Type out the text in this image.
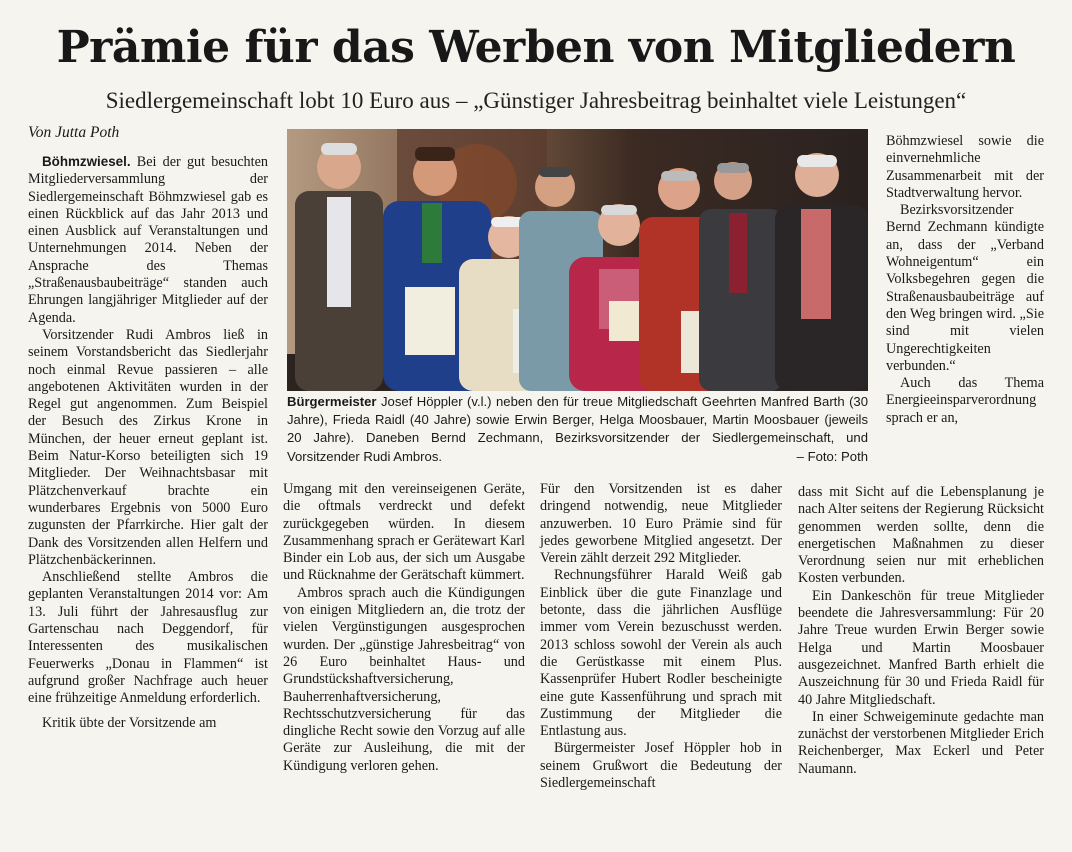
Prämie für das Werben von Mitgliedern
Siedlergemeinschaft lobt 10 Euro aus – „Günstiger Jahresbeitrag beinhaltet viele Leistungen“
Von Jutta Poth

Böhmzwiesel. Bei der gut besuchten Mitgliederversammlung der Siedlergemeinschaft Böhmzwiesel gab es einen Rückblick auf das Jahr 2013 und einen Ausblick auf Veranstaltungen und Unternehmungen 2014. Neben der Ansprache des Themas „Straßenausbaubeiträge“ standen auch Ehrungen langjähriger Mitglieder auf der Agenda.

Vorsitzender Rudi Ambros ließ in seinem Vorstandsbericht das Siedlerjahr noch einmal Revue passieren – alle angebotenen Aktivitäten wurden in der Regel gut angenommen. Zum Beispiel der Besuch des Zirkus Krone in München, der heuer erneut geplant ist. Beim Natur-Korso beteiligten sich 19 Mitglieder. Der Weihnachtsbasar mit Plätzchenverkauf brachte ein wunderbares Ergebnis von 5000 Euro zugunsten der Pfarrkirche. Hier galt der Dank des Vorsitzenden allen Helfern und Plätzchenbäckerinnen.

Anschließend stellte Ambros die geplanten Veranstaltungen 2014 vor: Am 13. Juli führt der Jahresausflug zur Gartenschau nach Deggendorf, für Interessenten des musikalischen Feuerwerks „Donau in Flammen“ ist aufgrund großer Nachfrage auch heuer eine frühzeitige Anmeldung erforderlich.

Kritik übte der Vorsitzende am

Bürgermeister Josef Höppler (v.l.) neben den für treue Mitgliedschaft Geehrten Manfred Barth (30 Jahre), Frieda Raidl (40 Jahre) sowie Erwin Berger, Helga Moosbauer, Martin Moosbauer (jeweils 20 Jahre). Daneben Bernd Zechmann, Bezirksvorsitzender der Siedlergemeinschaft, und Vorsitzender Rudi Ambros.	– Foto: Poth

Umgang mit den vereinseigenen Geräte, die oftmals verdreckt und defekt zurückgegeben würden. In diesem Zusammenhang sprach er Gerätewart Karl Binder ein Lob aus, der sich um Ausgabe und Rücknahme der Gerätschaft kümmert.

Ambros sprach auch die Kündigungen von einigen Mitgliedern an, die trotz der vielen Vergünstigungen ausgesprochen wurden. Der „günstige Jahresbeitrag“ von 26 Euro beinhaltet Haus- und Grundstückshaftversicherung, Bauherrenhaftversicherung, Rechtsschutzversicherung für das dingliche Recht sowie den Vorzug auf alle Geräte zur Ausleihung, die mit der Kündigung verloren gehen.

Für den Vorsitzenden ist es daher dringend notwendig, neue Mitglieder anzuwerben. 10 Euro Prämie sind für jedes geworbene Mitglied angesetzt. Der Verein zählt derzeit 292 Mitglieder.

Rechnungsführer Harald Weiß gab Einblick über die gute Finanzlage und betonte, dass die jährlichen Ausflüge immer vom Verein bezuschusst werden. 2013 schloss sowohl der Verein als auch die Gerüstkasse mit einem Plus. Kassenprüfer Hubert Rodler bescheinigte eine gute Kassenführung und sprach mit Zustimmung der Mitglieder die Entlastung aus.

Bürgermeister Josef Höppler hob in seinem Grußwort die Bedeutung der Siedlergemeinschaft

Böhmzwiesel sowie die einvernehmliche Zusammenarbeit mit der Stadtverwaltung hervor.

Bezirksvorsitzender Bernd Zechmann kündigte an, dass der „Verband Wohneigentum“ ein Volksbegehren gegen die Straßenausbaubeiträge auf den Weg bringen wird. „Sie sind mit vielen Ungerechtigkeiten verbunden.“

Auch das Thema Energieeinsparverordnung sprach er an,

dass mit Sicht auf die Lebensplanung je nach Alter seitens der Regierung Rücksicht genommen werden sollte, denn die energetischen Maßnahmen zu dieser Verordnung seien nur mit erheblichen Kosten verbunden.

Ein Dankeschön für treue Mitglieder beendete die Jahresversammlung: Für 20 Jahre Treue wurden Erwin Berger sowie Helga und Martin Moosbauer ausgezeichnet. Manfred Barth erhielt die Auszeichnung für 30 und Frieda Raidl für 40 Jahre Mitgliedschaft.

In einer Schweigeminute gedachte man zunächst der verstorbenen Mitglieder Erich Reichenberger, Max Eckerl und Peter Naumann.
